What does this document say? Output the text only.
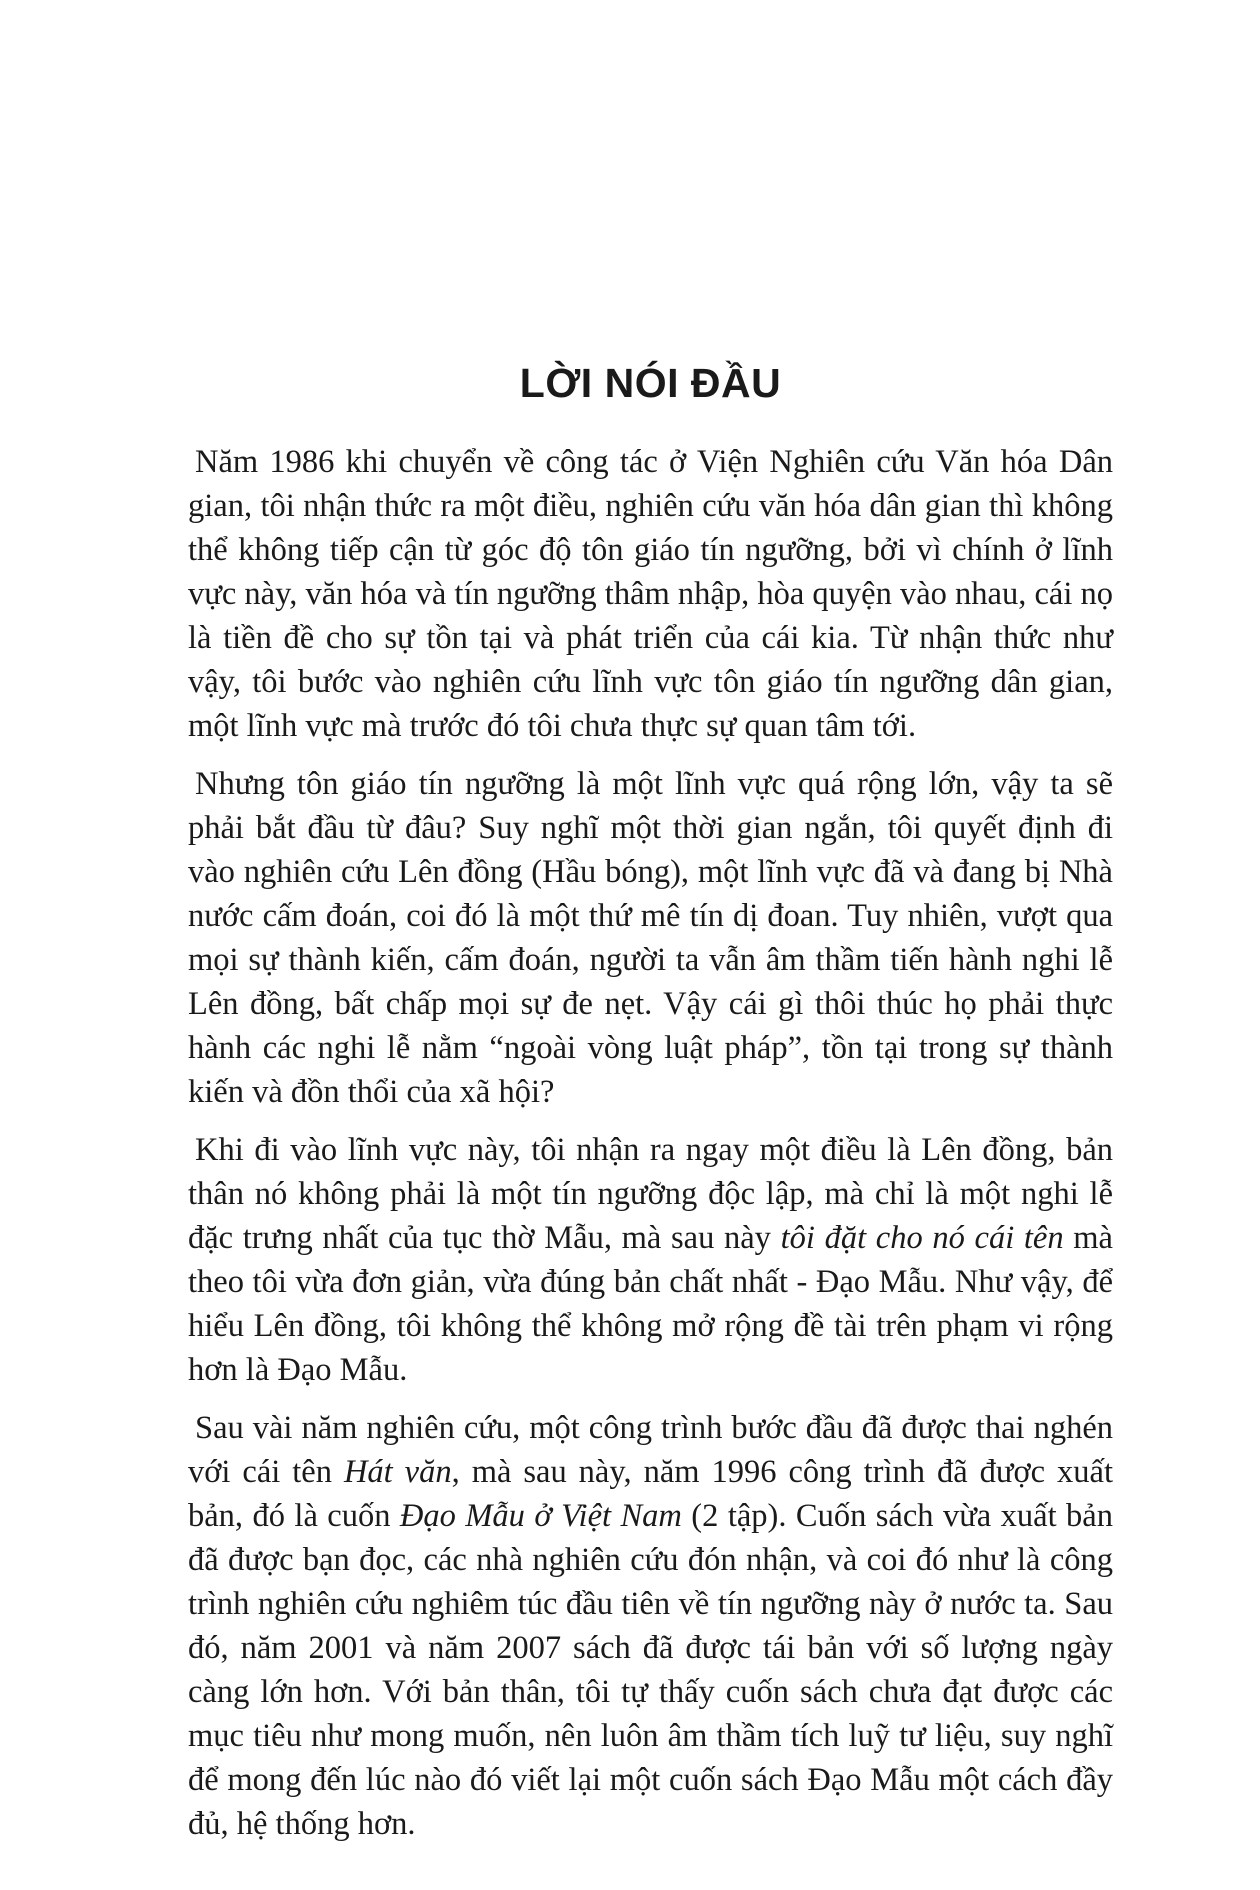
LỜI NÓI ĐẦU

Năm 1986 khi chuyển về công tác ở Viện Nghiên cứu Văn hóa Dân gian, tôi nhận thức ra một điều, nghiên cứu văn hóa dân gian thì không thể không tiếp cận từ góc độ tôn giáo tín ngưỡng, bởi vì chính ở lĩnh vực này, văn hóa và tín ngưỡng thâm nhập, hòa quyện vào nhau, cái nọ là tiền đề cho sự tồn tại và phát triển của cái kia. Từ nhận thức như vậy, tôi bước vào nghiên cứu lĩnh vực tôn giáo tín ngưỡng dân gian, một lĩnh vực mà trước đó tôi chưa thực sự quan tâm tới.

Nhưng tôn giáo tín ngưỡng là một lĩnh vực quá rộng lớn, vậy ta sẽ phải bắt đầu từ đâu? Suy nghĩ một thời gian ngắn, tôi quyết định đi vào nghiên cứu Lên đồng (Hầu bóng), một lĩnh vực đã và đang bị Nhà nước cấm đoán, coi đó là một thứ mê tín dị đoan. Tuy nhiên, vượt qua mọi sự thành kiến, cấm đoán, người ta vẫn âm thầm tiến hành nghi lễ Lên đồng, bất chấp mọi sự đe nẹt. Vậy cái gì thôi thúc họ phải thực hành các nghi lễ nằm “ngoài vòng luật pháp”, tồn tại trong sự thành kiến và đồn thổi của xã hội?

Khi đi vào lĩnh vực này, tôi nhận ra ngay một điều là Lên đồng, bản thân nó không phải là một tín ngưỡng độc lập, mà chỉ là một nghi lễ đặc trưng nhất của tục thờ Mẫu, mà sau này tôi đặt cho nó cái tên mà theo tôi vừa đơn giản, vừa đúng bản chất nhất - Đạo Mẫu. Như vậy, để hiểu Lên đồng, tôi không thể không mở rộng đề tài trên phạm vi rộng hơn là Đạo Mẫu.

Sau vài năm nghiên cứu, một công trình bước đầu đã được thai nghén với cái tên Hát văn, mà sau này, năm 1996 công trình đã được xuất bản, đó là cuốn Đạo Mẫu ở Việt Nam (2 tập). Cuốn sách vừa xuất bản đã được bạn đọc, các nhà nghiên cứu đón nhận, và coi đó như là công trình nghiên cứu nghiêm túc đầu tiên về tín ngưỡng này ở nước ta. Sau đó, năm 2001 và năm 2007 sách đã được tái bản với số lượng ngày càng lớn hơn. Với bản thân, tôi tự thấy cuốn sách chưa đạt được các mục tiêu như mong muốn, nên luôn âm thầm tích luỹ tư liệu, suy nghĩ để mong đến lúc nào đó viết lại một cuốn sách Đạo Mẫu một cách đầy đủ, hệ thống hơn.
